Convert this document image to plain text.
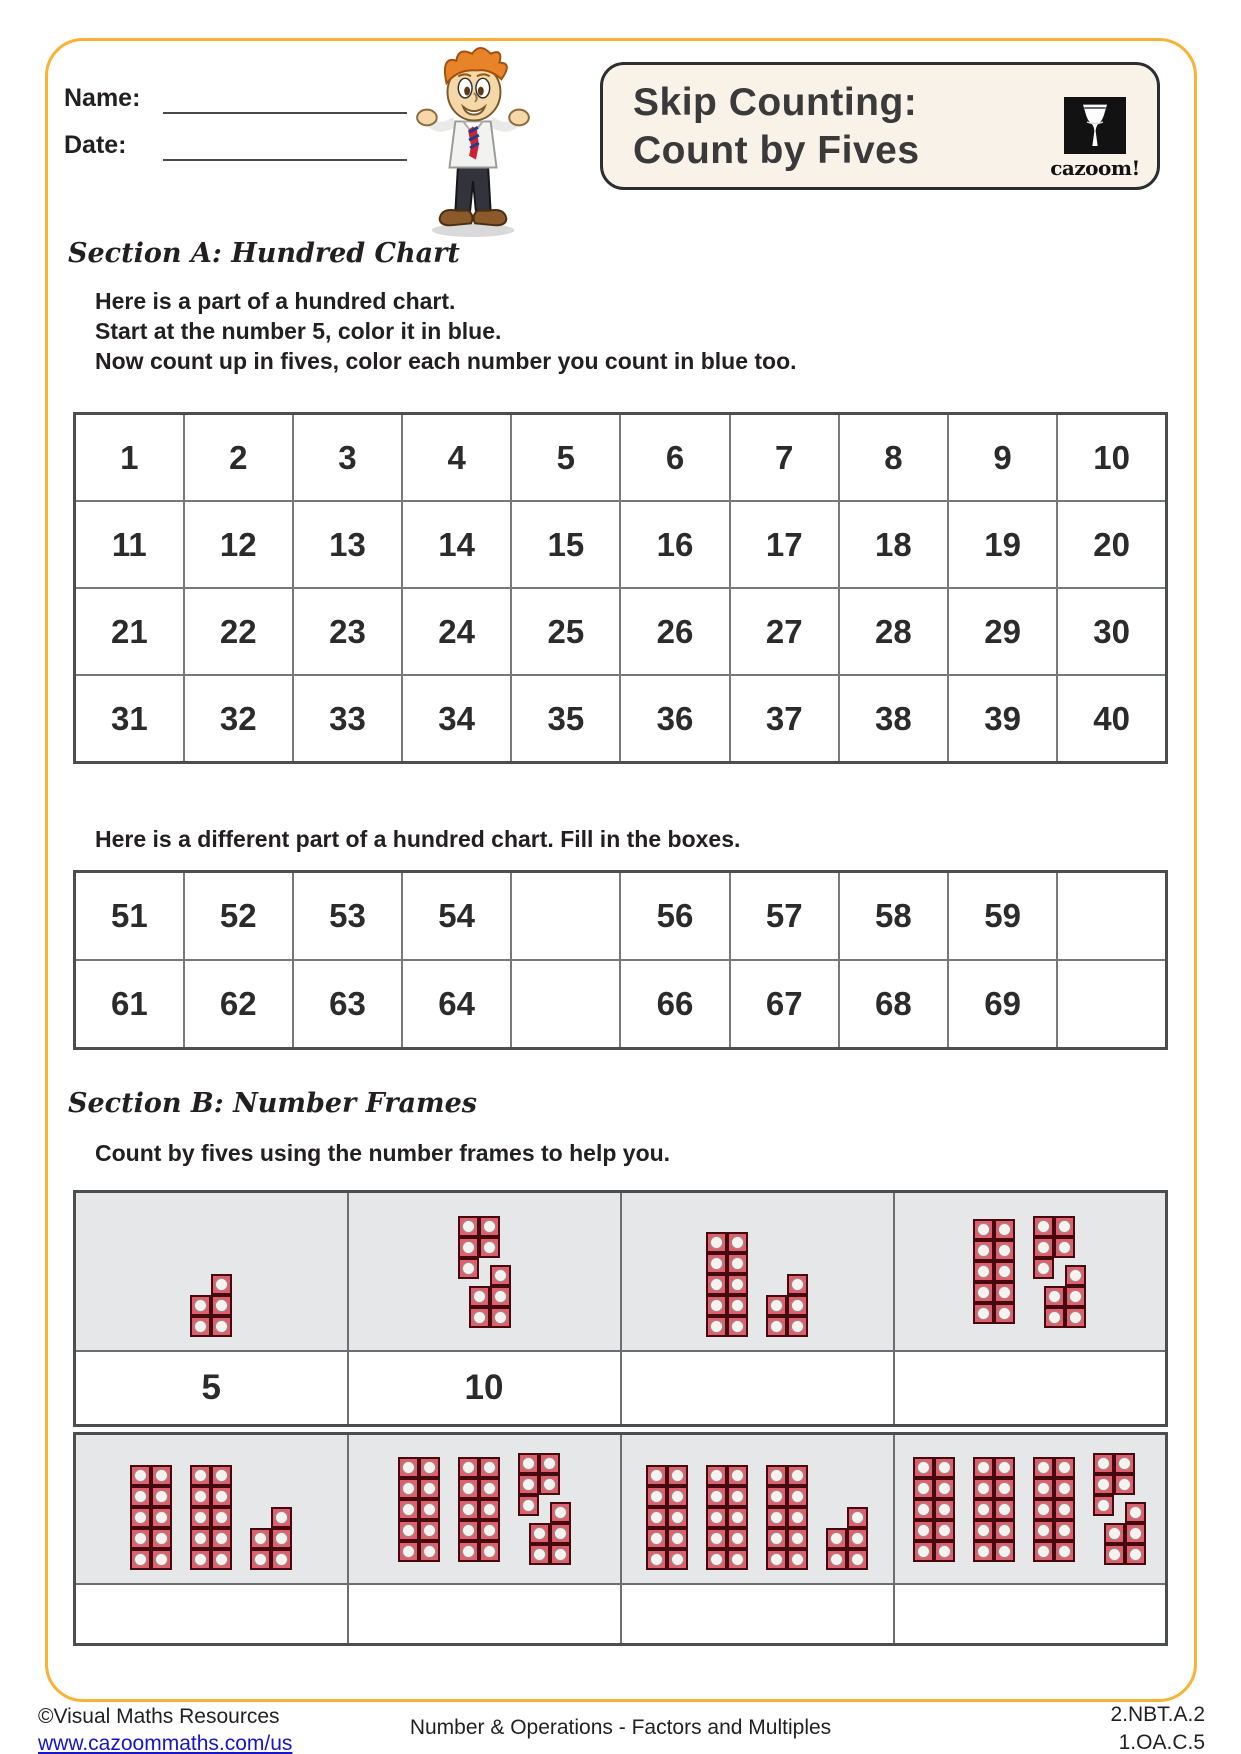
Name:
Date:
Skip Counting:
Count by Fives	cazoom!
Section A: Hundred Chart
Here is a part of a hundred chart.
Start at the number 5, color it in blue.
Now count up in fives, color each number you count in blue too.
1	2	3	4	5	6	7	8	9	10
11	12	13	14	15	16	17	18	19	20
21	22	23	24	25	26	27	28	29	30
31	32	33	34	35	36	37	38	39	40
Here is a different part of a hundred chart. Fill in the boxes.
51	52	53	54		56	57	58	59	
61	62	63	64		66	67	68	69	
Section B: Number Frames
Count by fives using the number frames to help you.

5	10		

©Visual Maths Resources
www.cazoommaths.com/us
Number & Operations - Factors and Multiples
2.NBT.A.2
1.OA.C.5
